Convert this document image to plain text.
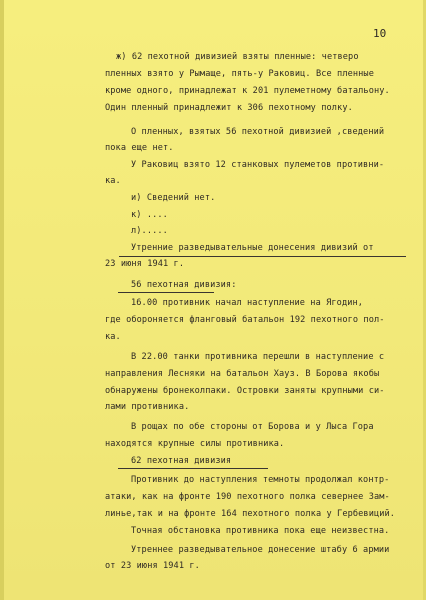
10
ж) 62 пехотной дивизией взяты пленные: четверо
пленных взято у Рымаще, пять-у Раковиц. Все пленные
кроме одного, принадлежат к 201 пулеметному батальону.
Один пленный принадлежит к 306 пехотному полку.
О пленных, взятых 56 пехотной дивизией ,сведений
пока еще нет.
У Раковиц взято 12 станковых пулеметов противни-
ка.
и) Сведений нет.
к) ....
л).....
Утренние разведывательные донесения дивизий от
23 июня 1941 г.
56 пехотная дивизия:
16.00 противник начал наступление на Ягодин,
где обороняется фланговый батальон 192 пехотного пол-
ка.
В 22.00 танки противника перешли в наступление с
направления Лесняки на батальон Хауз. В Борова якобы
обнаружены бронеколпаки. Островки заняты крупными си-
лами противника.
В рощах по обе стороны от Борова и у Лыса Гора
находятся крупные силы противника.
62 пехотная дивизия
Противник до наступления темноты продолжал контр-
атаки, как на фронте 190 пехотного полка севернее Зам-
линье,так и на фронте 164 пехотного полка у Гербевиций.
Точная обстановка противника пока еще неизвестна.
Утреннее разведывательное донесение штабу 6 армии
от 23 июня 1941 г.
